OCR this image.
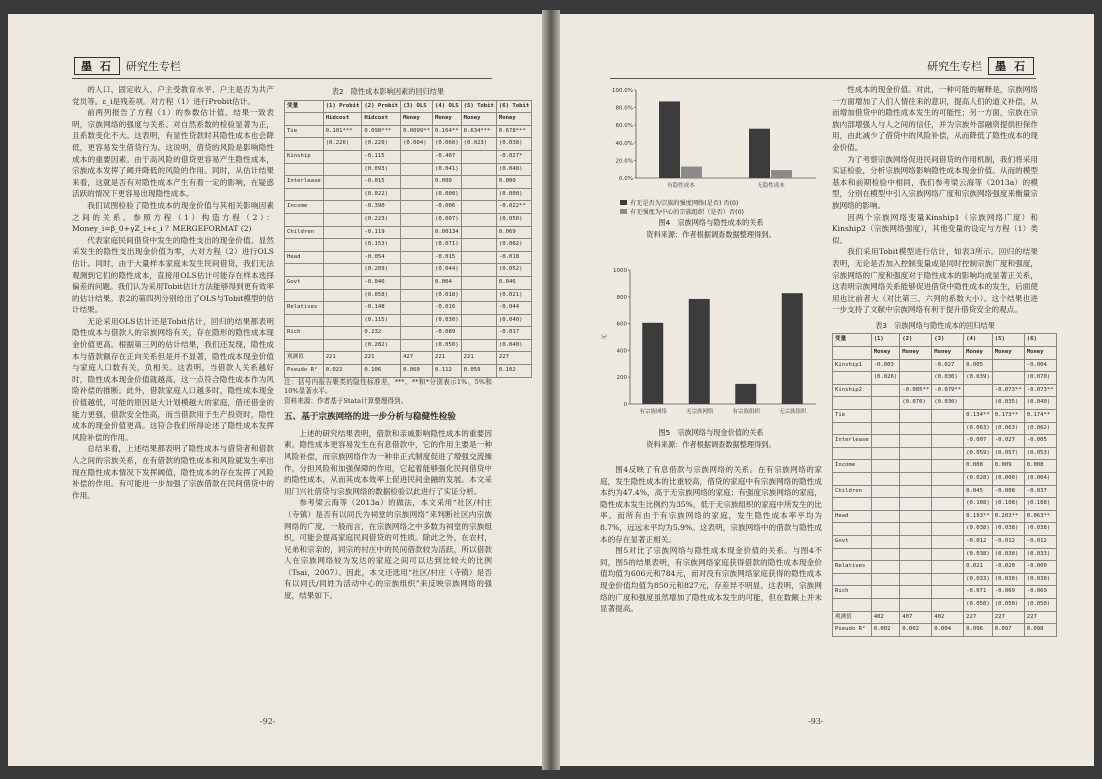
墨 石	研究生专栏

的人口、固定收入、户主受教育水平、户主是否为共产党员等。ε_i是残差项。对方程（1）进行Probit估计。

前两列报告了方程（1）的参数估计值。结果一致表明，宗族网络的强度与关系、对自然系数的检验显著为正，且系数变化不大。这表明，有显性贷款时其隐性成本也会降低，更容易发生借贷行为。这说明，借贷的风险是影响隐性成本的重要因素。由于高风险的借贷更容易产生隐性成本，宗族成本发挥了阈并降低的风险的作用。同时，从估计结果来看，这就是否有对隐性成本产生有着一定的影响，在疑惑活跃的情况下更容易出现隐性成本。

我们试图检验了隐性成本的现金价值与其相关影响因素之间的关系。参照方程（1）构造方程（2）：Money_i=β_0+γZ_i+ε_i ？MERGEFORMAT (2)

代表家庭民间借贷中发生的隐性支出的现金价值。显然采发生的隐性支出现金价值为零，大对方程（2）进行OLS估计。同时，由于大量样本家庭未发生民间借贷，我们无法观测到它们的隐性成本，直接用OLS估计可能存在样本选择偏差的问题。我们认为采用Tobit估计方法能够得到更有效率的估计结果。表2的第四列分别给出了OLS与Tobit模型的估计结果。

无论采用OLS估计还是Tobit估计，回归的结果都表明隐性成本与借款人的宗族网络有关，存在隐形的隐性成本现金价值更高。根据第三列的估计结果，我们还发现，隐性成本与借款额存在正向关系但是并不显著，隐性成本现金价值与家庭人口数有关，负相关。这表明，当借款人关系越好时，隐性成本现金价值就越高，这一点符合隐性成本作为风险补偿的推断。此外，借款家庭人口越多时，隐性成本现金价值越低，可能的原因是大计划模越大的家庭，借还借金的能力更强，借款安全性高，而当借款用于生产投资时，隐性成本的现金价值更高。这符合我们所得论述了隐性成本发挥风险补偿的作用。

总结来看，上述结果都表明了隐性成本与借贷者和借款人之间的宗族关系，在有借款的隐性成本和风险就发生率出现在隐性成本情况下发挥阈值，隐性成本的存在发挥了风险补偿的作用。有可能进一步加强了宗族借款在民间借贷中的作用。

表2　隐性成本影响因素的回归结果
变量	(1) Probit	(2) Probit	(3) OLS	(4) OLS	(5) Tobit	(6) Tobit
	Hidcost	Hidcost	Money	Money	Money	Money
Tie	0.101***	0.098***	0.0099**	0.164**	0.634***	0.678***
	(0.226)	(0.229)	(0.004)	(0.060)	(0.023)	(0.038)
Kinship		-0.115		-0.407		-0.027*
		(0.093)		(0.041)		(0.048)
Interlease		-0.015		0.000		0.000
		(0.022)		(0.000)		(0.000)
Income		-0.390		-0.006		-0.022**
		(0.223)		(0.007)		(0.050)
Children		-0.119		0.00134		0.069
		(0.153)		(0.071)		(0.062)
Head		-0.054		-0.015		-0.018
		(0.209)		(0.044)		(0.052)
Govt		-0.046		0.004		0.046
		(0.058)		(0.018)		(0.021)
Relatives		-0.148		-0.016		-0.044
		(0.115)		(0.030)		(0.040)
Rich		0.232		-0.089		-0.017
		(0.282)		(0.050)		(0.040)
观测值	221	221	427	221	221	227
Pseudo R²	0.022	0.106	0.060	0.112	0.059	0.102
注：括号内报告聚类的隐性标准差，***、**和*分别表示1%、5%和10%显著水平。
资料来源：作者基于Stata计算整理得到。
五、基于宗族网络的进一步分析与稳健性检验

上述的研究结果表明，借款和亲戚影响隐性成本的重要因素。隐性成本更容易发生在有息借款中，它的作用主要是一种风险补偿，而宗族网络作为一种非正式制度促进了增强交流操作，分担风险和加强保障的作用，它起着能够强化民间借贷中的隐性成本，从而其成本效率上促进民间金融的发展。本文采用门兴社借贷与宗族网络的数据检验以此进行了实证分析。

参考梁云海等（2013a）的做法，本文采用“社区/村庄（寺镇）是否有以同氏为祠堂的宗族网络”来判断社区内宗族网络的广度，一般而言，在宗族网络之中多数为祠堂的宗族组织，可能会提高家庭民间借贷的可性质。除此之外，在农村，兄弟和宗亲的，同宗的村庄中的民间借款较为活跃，所以借款人在宗族网络较为发达的家庭之间可以达到比较大的比例（Tsai，2007）。因此，本文还选用“社区/村庄（寺镇）是否有以同氏/同姓为活动中心的宗族组织”来反映宗族网络的强度，结果如下。

-92-
研究生专栏	墨 石
0.0%
20.0%
40.0%
60.0%
80.0%
100.0%
有隐性成本	无隐性成本
有无是否为宗族的强度网络(是否) 否(0)
有无强度为中心的宗族组织（是否）否(0)
图4　宗族网络与隐性成本的关系
资料来源：作者根据调查数据整理得到。
0
200
400
600
800
1000
元
有宗族网络	无宗族网络	有宗族组织	无宗族组织
图5　宗族网络与现金价值的关系
资料来源：作者根据调查数据整理得到。

图4反映了有息借款与宗族网络的关系。在有宗族网络的家庭，发生隐性成本的比重较高，借贷的家庭中有宗族网络的隐性成本约为47.4%，高于无宗族网络的家庭；有强度宗族网络的家庭，隐性成本发生比例约为35%，低于无宗族组织的家庭中所发生的比率。而所有由于有宗族网络的家庭，发生隐性成本率平均为8.7%，远远未平均为5.9%。这表明，宗族网络中的借款与隐性成本的存在显著正相关。

图5对比了宗族网络与隐性成本现金价值的关系。与图4不同，图5的结果表明，有宗族网络家庭获得借款的隐性成本现金价值均值为606元和784元，而对没有宗族网络家庭获得的隐性成本现金价值均值为850元和827元，存差异不明显。这表明，宗族网络的广度和强度虽然增加了隐性成本发生的可能，但在数额上并未显著提高。

性成本的现金价值。对此，一种可能的解释是，宗族网络一方面增加了人们人情往来的意识，提高人们的道义补偿，从而增加借贷中的隐性成本发生的可能性；另一方面，宗族在宗族内部增强人与人之间的信任，并为宗族外部融资提供担保作用，由此减少了借贷中的风险补偿，从而降低了隐性成本的现金价值。

为了考察宗族网络促进民间借贷的作用机制，我们将采用实证检验，分析宗族网络影响隐性成本现金价值。从而的模型基本和前期检验中相同，我们参考梁云海等（2013a）的模型，分别在模型中引入宗族网络广度和宗族网络强度来衡量宗族网络的影响。

因两个宗族网络变量Kinship1（宗族网络广度）和Kinship2（宗族网络强度），其他变量的设定与方程（1）类似。

我们采用Tobit模型进行估计，如表3所示。回归的结果表明，无论是否加入控制变量或是同时控制宗族广度和强度，宗族网络的广度和强度对于隐性成本的影响均成显著正关系，这表明宗族网络关系能够促进借贷中隐性成本的发生，后面使用也比前者大（对比第三、六列的系数大小）。这个结果也进一步支持了文献中宗族网络有利于提升借贷安全的观点。

表3　宗族网络与隐性成本的回归结果
变量	(1)	(2)	(3)	(4)	(5)	(6)
	Money	Money	Money	Money	Money	Money
Kinship1	-0.003		-0.027	0.005		-0.004
	(0.026)		(0.030)	(0.039)		(0.070)
Kinship2		-0.085**	-0.079**		-0.073**	-0.073**
		(0.070)	(0.030)		(0.035)	(0.040)
Tie				0.134**	0.173**	0.174**
				(0.063)	(0.063)	(0.062)
Interlease				-0.007	-0.027	-0.005
				(0.059)	(0.057)	(0.053)
Income				0.008	0.009	0.008
				(0.028)	(0.000)	(0.004)
Children				0.045	-0.008	-0.037
				(0.108)	(0.108)	(0.108)
Head				0.193**	0.203**	0.063**
				(0.038)	(0.038)	(0.038)
Govt				-0.012	-0.012	-0.012
				(0.038)	(0.038)	(0.033)
Relatives				0.021	-0.020	-0.000
				(0.033)	(0.030)	(0.030)
Rich				-0.071	-0.069	-0.069
				(0.050)	(0.050)	(0.050)
观测值	402	407	402	227	227	227
Pseudo R²	0.002	0.002	0.004	0.096	0.097	0.098
-93-
